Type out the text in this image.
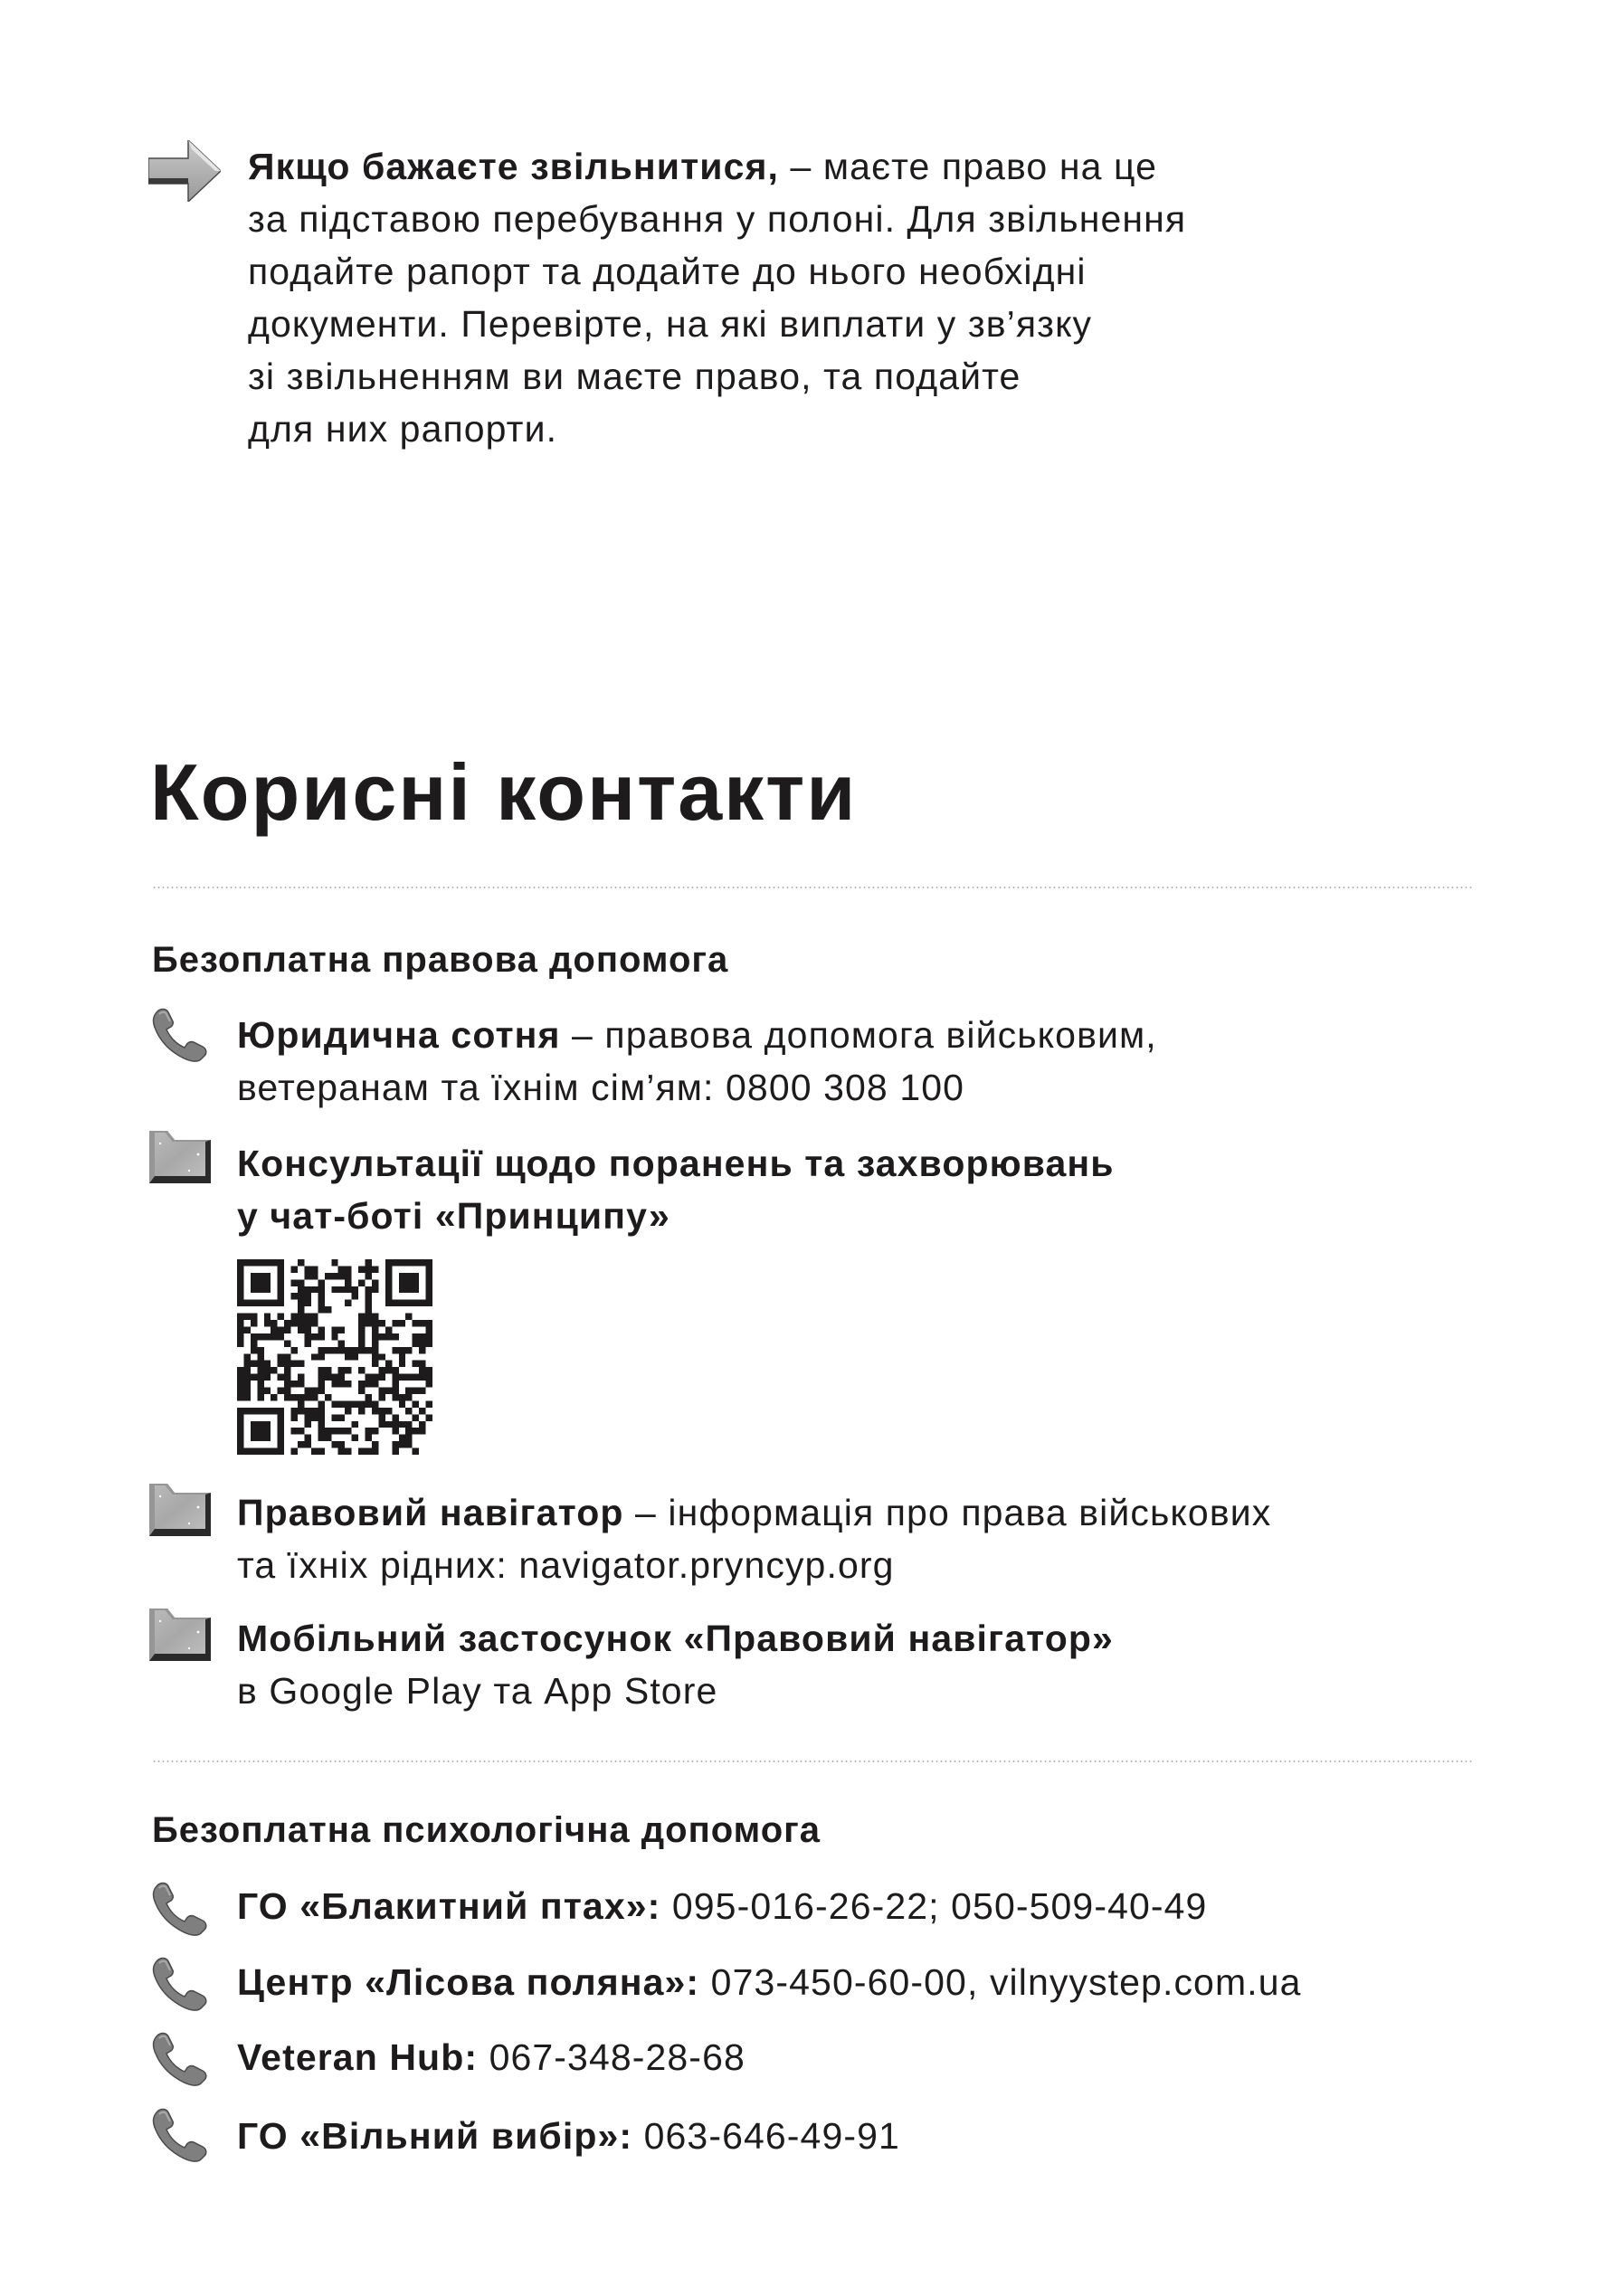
Якщо бажаєте звільнитися, – маєте право на це
за підставою перебування у полоні. Для звільнення
подайте рапорт та додайте до нього необхідні
документи. Перевірте, на які виплати у зв’язку
зі звільненням ви маєте право, та подайте
для них рапорти.
Корисні контакти
Безоплатна правова допомога
Юридична сотня – правова допомога військовим,
ветеранам та їхнім сім’ям: 0800 308 100
Консультації щодо поранень та захворювань
у чат-боті «Принципу»
Правовий навігатор – інформація про права військових
та їхніх рідних: navigator.pryncyp.org
Мобільний застосунок «Правовий навігатор»
в Google Play та App Store
Безоплатна психологічна допомога
ГО «Блакитний птах»: 095-016-26-22; 050-509-40-49
Центр «Лісова поляна»: 073-450-60-00, vilnyystep.com.ua
Veteran Hub: 067-348-28-68
ГО «Вільний вибір»: 063-646-49-91
